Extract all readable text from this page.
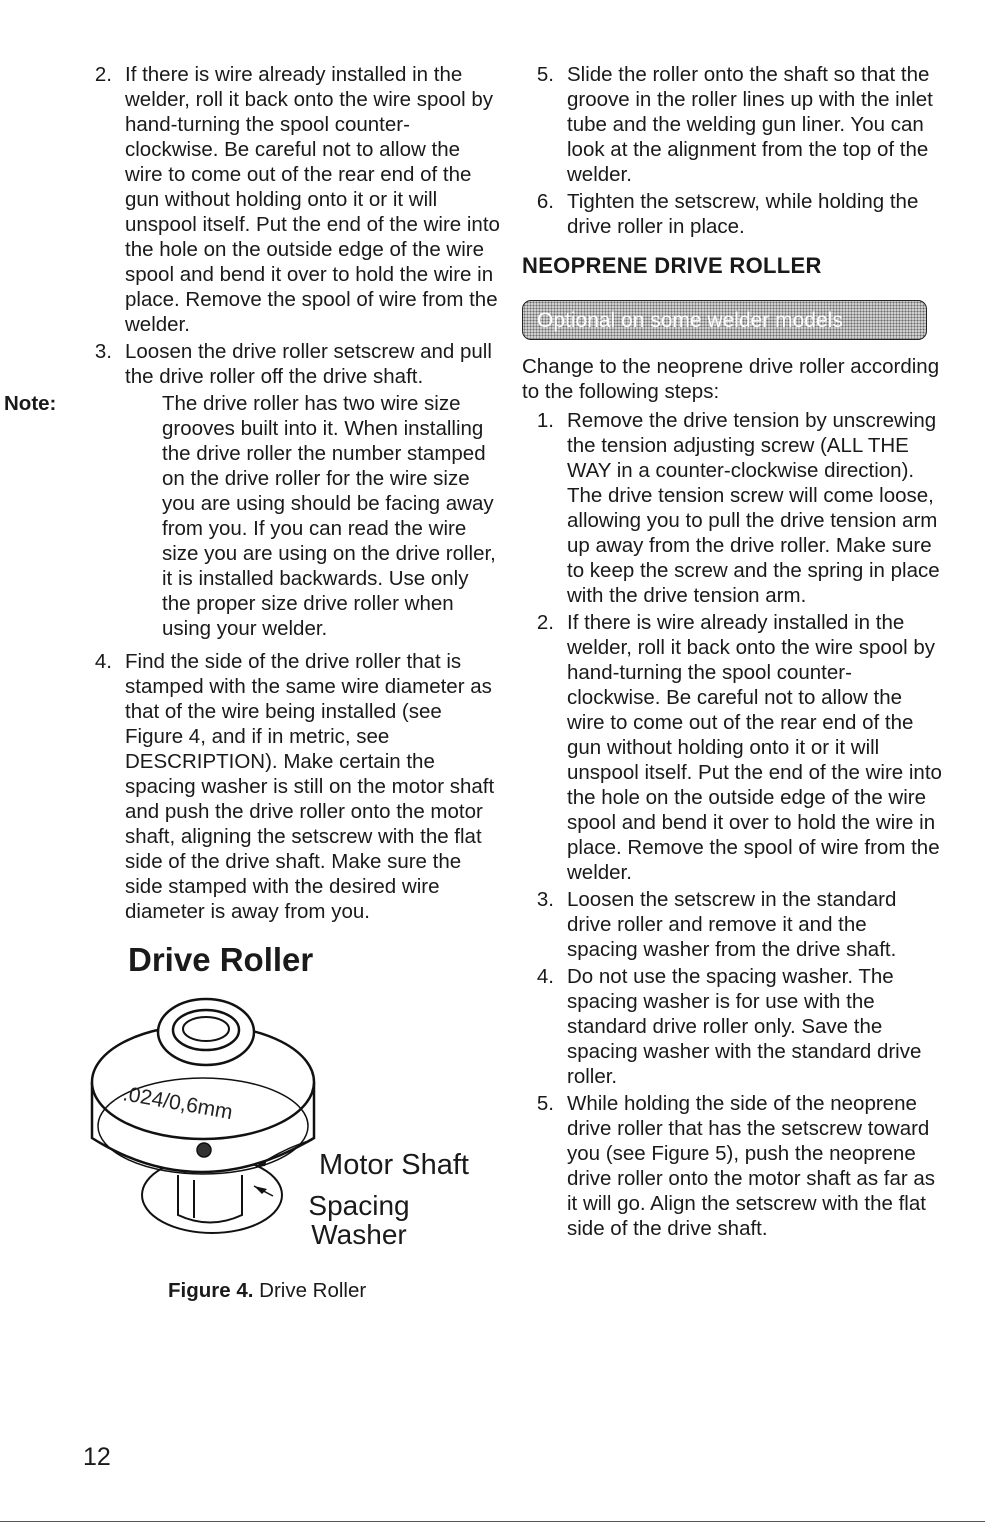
2. If there is wire already installed in the welder, roll it back onto the wire spool by hand-turning the spool counter-clockwise. Be careful not to allow the wire to come out of the rear end of the gun without holding onto it or it will unspool itself. Put the end of the wire into the hole on the outside edge of the wire spool and bend it over to hold the wire in place. Remove the spool of wire from the welder.

3. Loosen the drive roller setscrew and pull the drive roller off the drive shaft.

Note:	The drive roller has two wire size grooves built into it. When installing the drive roller the number stamped on the drive roller for the wire size you are using should be facing away from you. If you can read the wire size you are using on the drive roller, it is installed backwards. Use only the proper size drive roller when using your welder.

4. Find the side of the drive roller that is stamped with the same wire diameter as that of the wire being installed (see Figure 4, and if in metric, see DESCRIPTION). Make certain the spacing washer is still on the motor shaft and push the drive roller onto the motor shaft, aligning the setscrew with the flat side of the drive shaft. Make sure the side stamped with the desired wire diameter is away from you.

Drive Roller
.024/0,6mm
Motor Shaft
Spacing
Washer
Figure 4. Drive Roller
12

5. Slide the roller onto the shaft so that the groove in the roller lines up with the inlet tube and the welding gun liner. You can look at the alignment from the top of the welder.

6. Tighten the setscrew, while holding the drive roller in place.

NEOPRENE DRIVE ROLLER
Optional on some welder models

Change to the neoprene drive roller according to the following steps:

1. Remove the drive tension by unscrewing the tension adjusting screw (ALL THE WAY in a counter-clockwise direction). The drive tension screw will come loose, allowing you to pull the drive tension arm up away from the drive roller. Make sure to keep the screw and the spring in place with the drive tension arm.

2. If there is wire already installed in the welder, roll it back onto the wire spool by hand-turning the spool counter-clockwise. Be careful not to allow the wire to come out of the rear end of the gun without holding onto it or it will unspool itself. Put the end of the wire into the hole on the outside edge of the wire spool and bend it over to hold the wire in place. Remove the spool of wire from the welder.

3. Loosen the setscrew in the standard drive roller and remove it and the spacing washer from the drive shaft.

4. Do not use the spacing washer. The spacing washer is for use with the standard drive roller only. Save the spacing washer with the standard drive roller.

5. While holding the side of the neoprene drive roller that has the setscrew toward you (see Figure 5), push the neoprene drive roller onto the motor shaft as far as it will go. Align the setscrew with the flat side of the drive shaft.
